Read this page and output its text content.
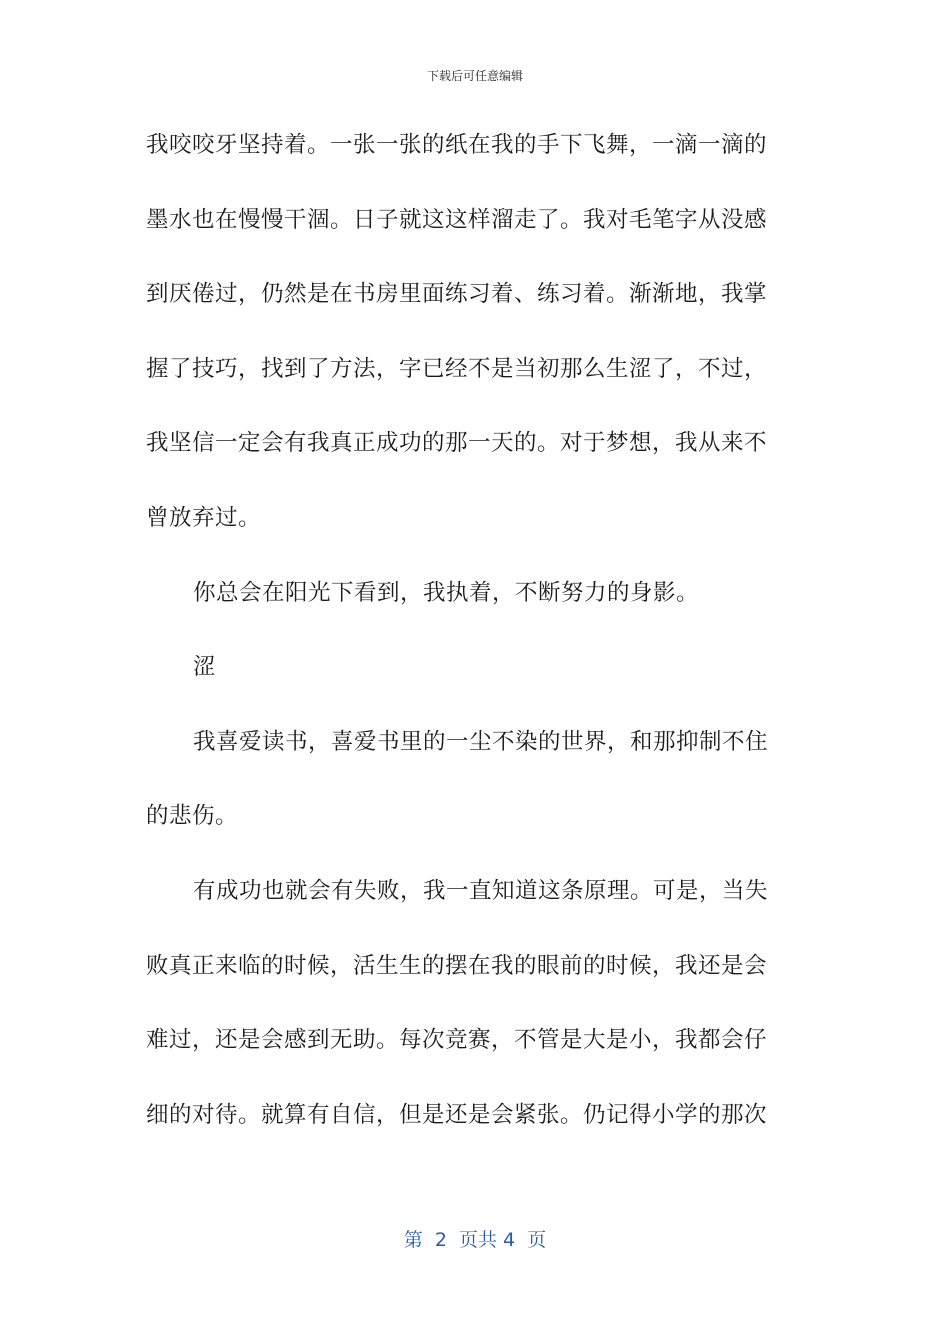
下载后可任意编辑
我咬咬牙坚持着。一张一张的纸在我的手下飞舞，一滴一滴的
墨水也在慢慢干涸。日子就这这样溜走了。我对毛笔字从没感
到厌倦过，仍然是在书房里面练习着、练习着。渐渐地，我掌
握了技巧，找到了方法，字已经不是当初那么生涩了，不过，
我坚信一定会有我真正成功的那一天的。对于梦想，我从来不
曾放弃过。
你总会在阳光下看到，我执着，不断努力的身影。
涩
我喜爱读书，喜爱书里的一尘不染的世界，和那抑制不住
的悲伤。
有成功也就会有失败，我一直知道这条原理。可是，当失
败真正来临的时候，活生生的摆在我的眼前的时候，我还是会
难过，还是会感到无助。每次竞赛，不管是大是小，我都会仔
细的对待。就算有自信，但是还是会紧张。仍记得小学的那次
第  2  页共 4  页
